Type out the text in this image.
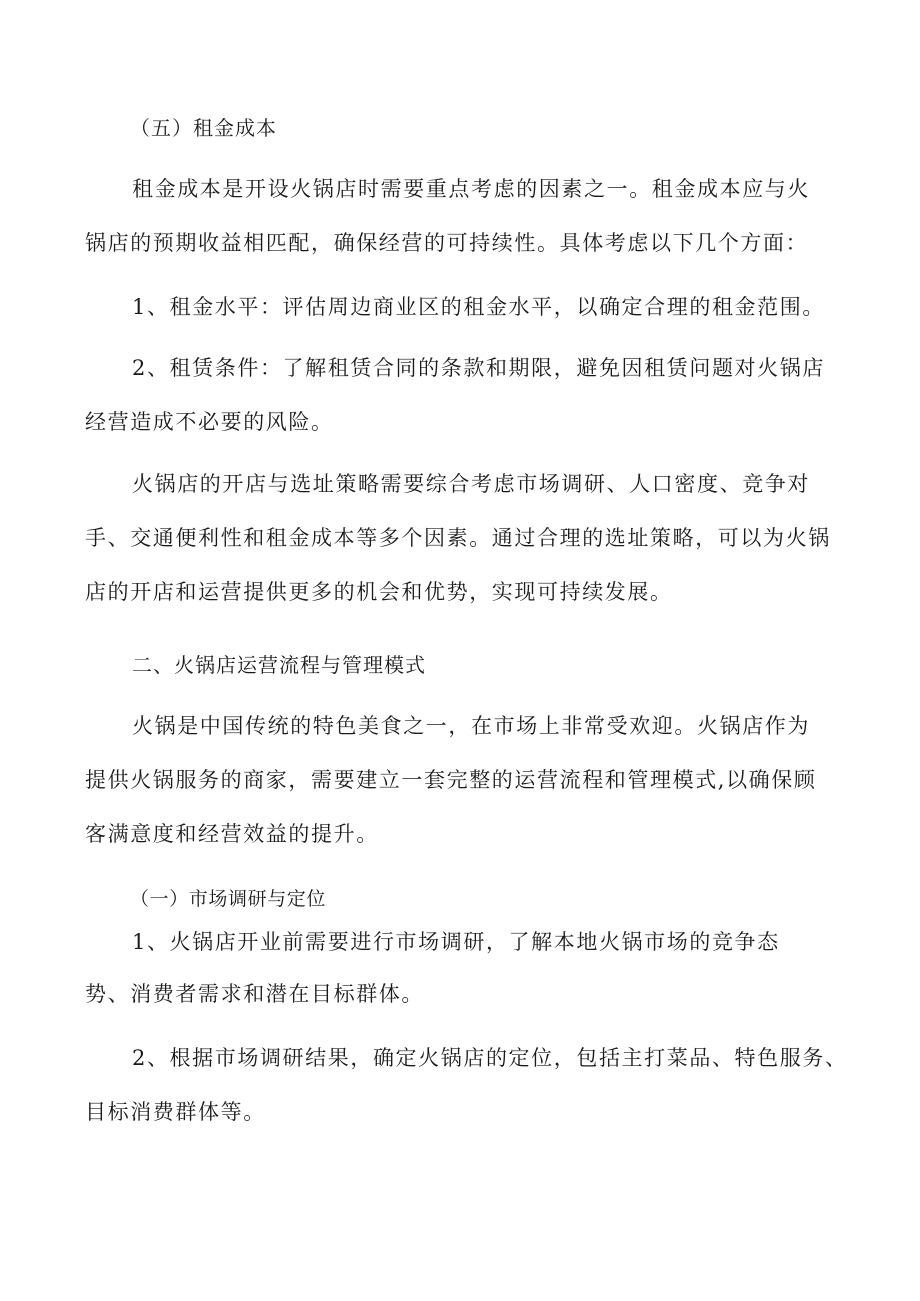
（五）租金成本
租金成本是开设火锅店时需要重点考虑的因素之一。租金成本应与火
锅店的预期收益相匹配，确保经营的可持续性。具体考虑以下几个方面：
1、租金水平：评估周边商业区的租金水平，以确定合理的租金范围。
2、租赁条件：了解租赁合同的条款和期限，避免因租赁问题对火锅店
经营造成不必要的风险。
火锅店的开店与选址策略需要综合考虑市场调研、人口密度、竞争对
手、交通便利性和租金成本等多个因素。通过合理的选址策略，可以为火锅
店的开店和运营提供更多的机会和优势，实现可持续发展。
二、火锅店运营流程与管理模式
火锅是中国传统的特色美食之一，在市场上非常受欢迎。火锅店作为
提供火锅服务的商家，需要建立一套完整的运营流程和管理模式,以确保顾
客满意度和经营效益的提升。
（一）市场调研与定位
1、火锅店开业前需要进行市场调研，了解本地火锅市场的竞争态
势、消费者需求和潜在目标群体。
2、根据市场调研结果，确定火锅店的定位，包括主打菜品、特色服务、
目标消费群体等。
